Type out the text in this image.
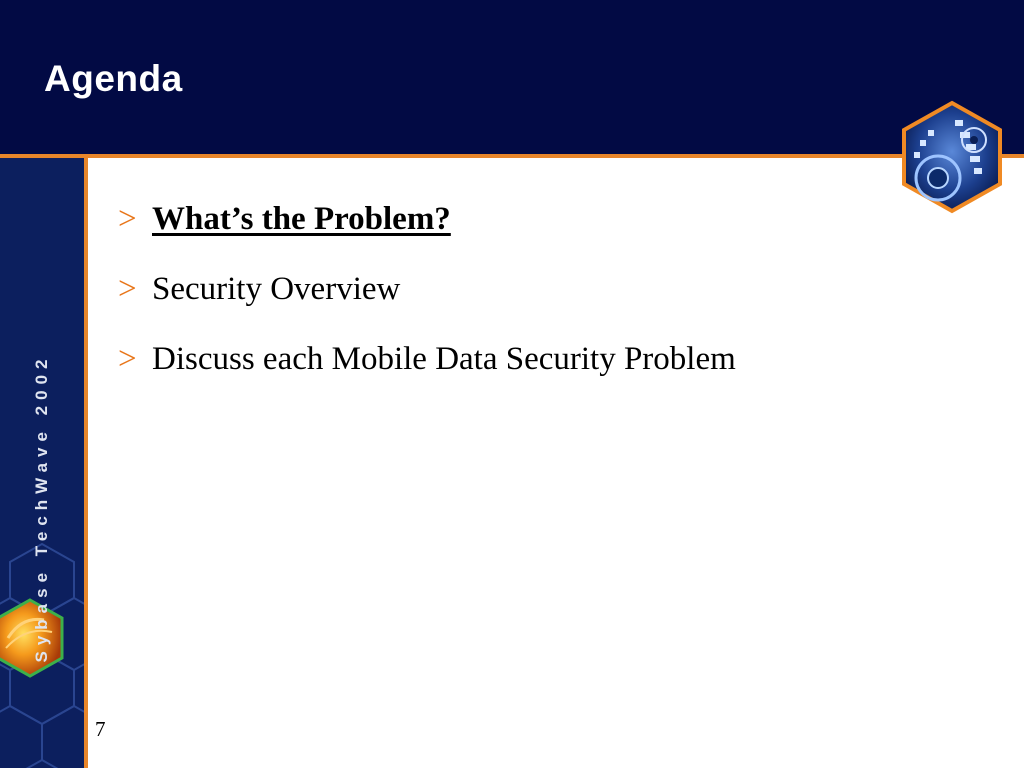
Agenda
Sybase TechWave 2002
> What’s the Problem?
> Security Overview
> Discuss each Mobile Data Security Problem
7
